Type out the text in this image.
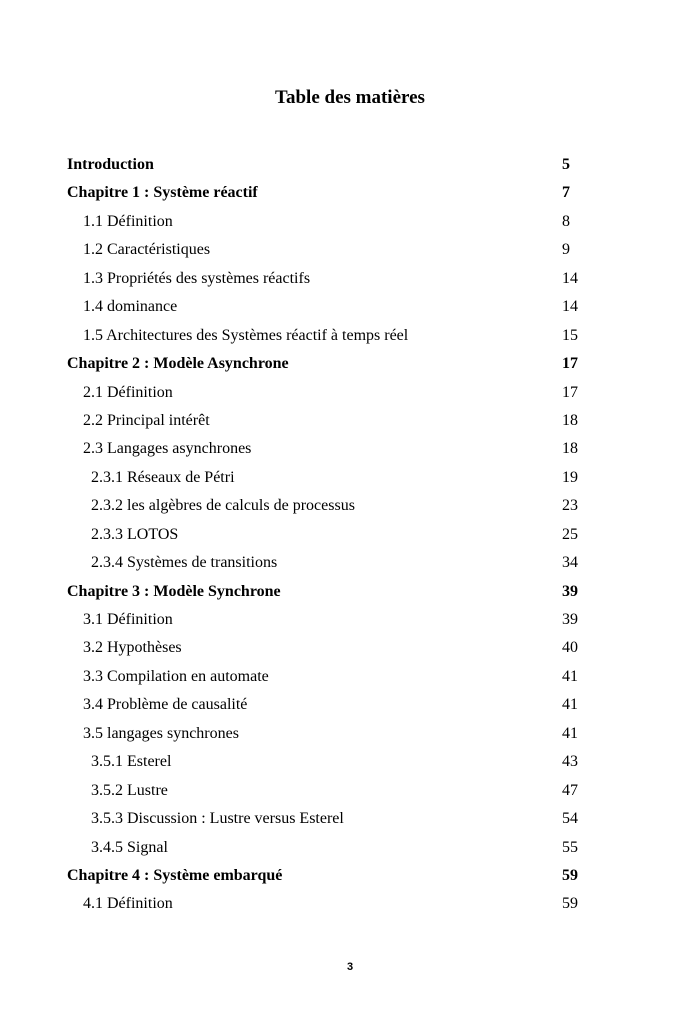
Table des matières
Introduction	5
Chapitre 1 : Système réactif	7
1.1 Définition	8
1.2 Caractéristiques	9
1.3 Propriétés des systèmes réactifs	14
1.4 dominance	14
1.5 Architectures des Systèmes réactif à temps réel	15
Chapitre 2 : Modèle Asynchrone	17
2.1 Définition	17
2.2 Principal intérêt	18
2.3 Langages asynchrones	18
2.3.1 Réseaux de Pétri	19
2.3.2 les algèbres de calculs de processus	23
2.3.3 LOTOS	25
2.3.4 Systèmes de transitions	34
Chapitre 3 : Modèle Synchrone	39
3.1 Définition	39
3.2 Hypothèses	40
3.3 Compilation en automate	41
3.4 Problème de causalité	41
3.5 langages synchrones	41
3.5.1 Esterel	43
3.5.2 Lustre	47
3.5.3 Discussion : Lustre versus Esterel	54
3.4.5 Signal	55
Chapitre 4 : Système embarqué	59
4.1 Définition	59
3
